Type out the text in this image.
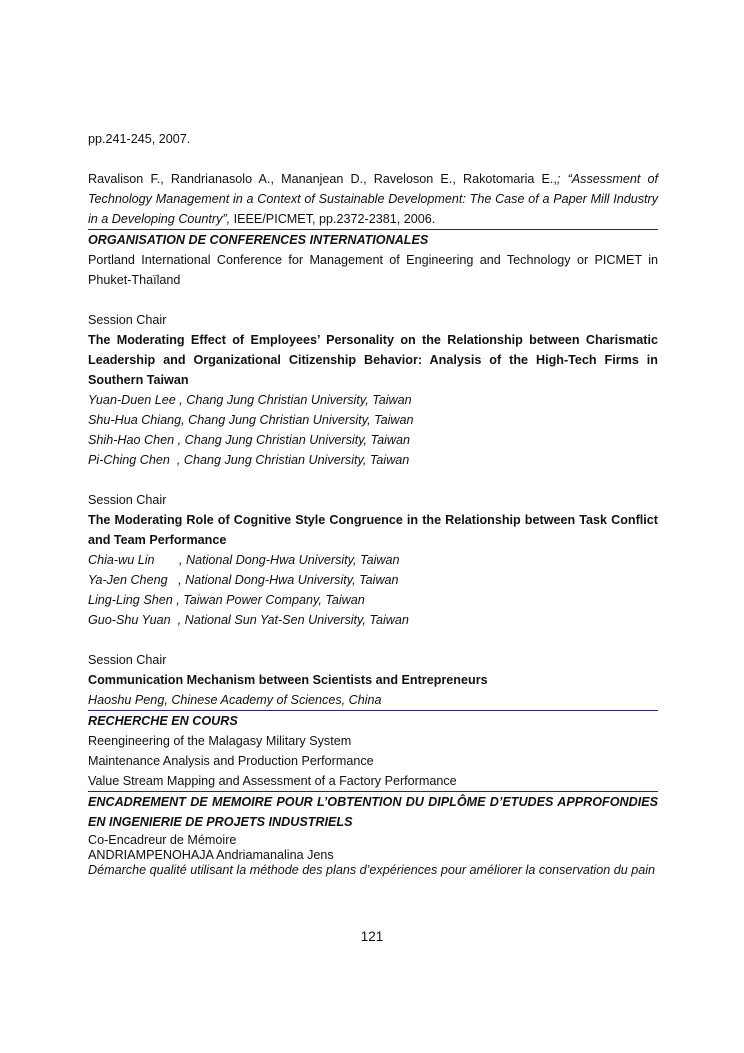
pp.241-245, 2007.

Ravalison F., Randrianasolo A., Mananjean D., Raveloson E., Rakotomaria E.,; “Assessment of Technology Management in a Context of Sustainable Development: The Case of a Paper Mill Industry in a Developing Country”, IEEE/PICMET, pp.2372-2381, 2006.

ORGANISATION DE CONFERENCES INTERNATIONALES

Portland International Conference for Management of Engineering and Technology or PICMET in Phuket-Thaïland

Session Chair

The Moderating Effect of Employees’ Personality on the Relationship between Charismatic Leadership and Organizational Citizenship Behavior: Analysis of the High-Tech Firms in Southern Taiwan

Yuan-Duen Lee , Chang Jung Christian University, Taiwan

Shu-Hua Chiang, Chang Jung Christian University, Taiwan

Shih-Hao Chen , Chang Jung Christian University, Taiwan

Pi-Ching Chen  , Chang Jung Christian University, Taiwan

Session Chair

The Moderating Role of Cognitive Style Congruence in the Relationship between Task Conflict and Team Performance

Chia-wu Lin       , National Dong-Hwa University, Taiwan

Ya-Jen Cheng   , National Dong-Hwa University, Taiwan

Ling-Ling Shen , Taiwan Power Company, Taiwan

Guo-Shu Yuan  , National Sun Yat-Sen University, Taiwan

Session Chair

Communication Mechanism between Scientists and Entrepreneurs

Haoshu Peng, Chinese Academy of Sciences, China

RECHERCHE EN COURS

Reengineering of the Malagasy Military System

Maintenance Analysis and Production Performance

Value Stream Mapping and Assessment of a Factory Performance

ENCADREMENT DE MEMOIRE POUR L’OBTENTION DU DIPLÔME D’ETUDES APPROFONDIES EN INGENIERIE DE PROJETS INDUSTRIELS

Co-Encadreur de Mémoire

ANDRIAMPENOHAJA Andriamanalina Jens

Démarche qualité utilisant la méthode des plans d’expériences pour améliorer la conservation du pain

121
